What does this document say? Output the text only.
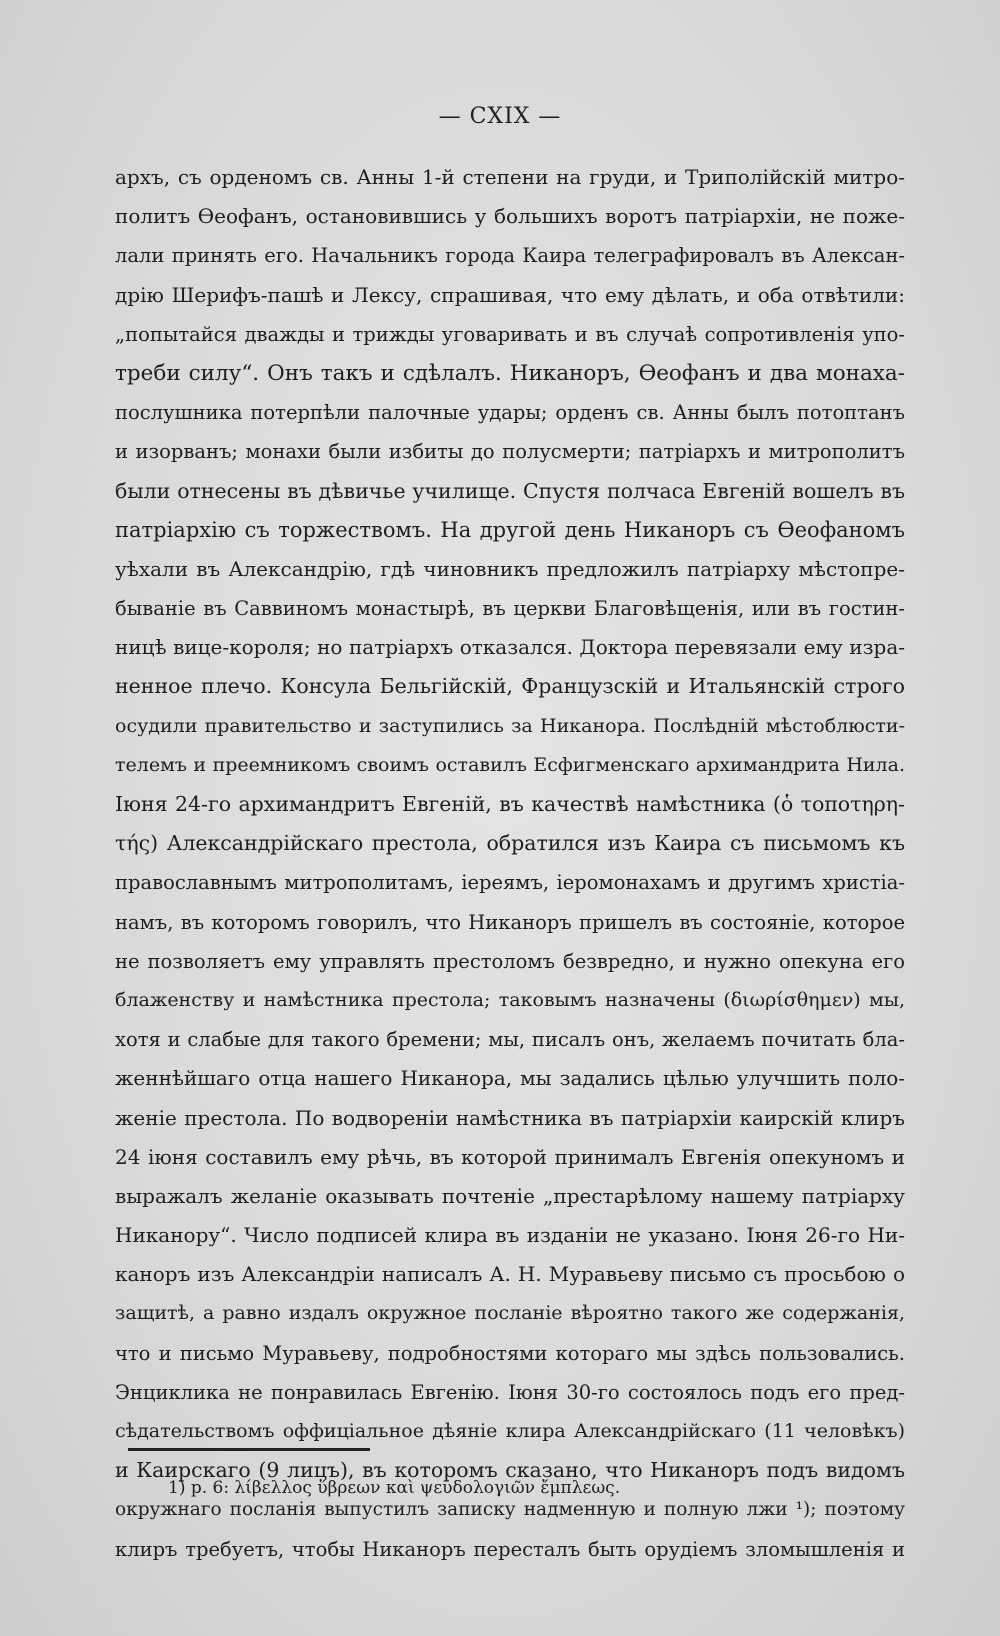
— CXIX —
архъ, съ орденомъ св. Анны 1-й степени на груди, и Триполійскій митро-
политъ Ѳеофанъ, остановившись у большихъ воротъ патріархіи, не поже-
лали принять его. Начальникъ города Каира телеграфировалъ въ Алексан-
дрію Шерифъ-пашѣ и Лексу, спрашивая, что ему дѣлать, и оба отвѣтили:
„попытайся дважды и трижды уговаривать и въ случаѣ сопротивленія упо-
треби силу“. Онъ такъ и сдѣлалъ. Никаноръ, Ѳеофанъ и два монаха-
послушника потерпѣли палочные удары; орденъ св. Анны былъ потоптанъ
и изорванъ; монахи были избиты до полусмерти; патріархъ и митрополитъ
были отнесены въ дѣвичье училище. Спустя полчаса Евгеній вошелъ въ
патріархію съ торжествомъ. На другой день Никаноръ съ Ѳеофаномъ
уѣхали въ Александрію, гдѣ чиновникъ предложилъ патріарху мѣстопре-
бываніе въ Саввиномъ монастырѣ, въ церкви Благовѣщенія, или въ гостин-
ницѣ вице-короля; но патріархъ отказался. Доктора перевязали ему изра-
ненное плечо. Консула Бельгійскій, Французскій и Итальянскій строго
осудили правительство и заступились за Никанора. Послѣдній мѣстоблюсти-
телемъ и преемникомъ своимъ оставилъ Есфигменскаго архимандрита Нила.
Іюня 24-го архимандритъ Евгеній, въ качествѣ намѣстника (ὁ τοποτηρη-
τής) Александрійскаго престола, обратился изъ Каира съ письмомъ къ
православнымъ митрополитамъ, іереямъ, іеромонахамъ и другимъ христіа-
намъ, въ которомъ говорилъ, что Никаноръ пришелъ въ состояніе, которое
не позволяетъ ему управлять престоломъ безвредно, и нужно опекуна его
блаженству и намѣстника престола; таковымъ назначены (διωρίσθημεν) мы,
хотя и слабые для такого бремени; мы, писалъ онъ, желаемъ почитать бла-
женнѣйшаго отца нашего Никанора, мы задались цѣлью улучшить поло-
женіе престола. По водвореніи намѣстника въ патріархіи каирскій клиръ
24 іюня составилъ ему рѣчь, въ которой принималъ Евгенія опекуномъ и
выражалъ желаніе оказывать почтеніе „престарѣлому нашему патріарху
Никанору“. Число подписей клира въ изданіи не указано. Іюня 26-го Ни-
каноръ изъ Александріи написалъ А. Н. Муравьеву письмо съ просьбою о
защитѣ, а равно издалъ окружное посланіе вѣроятно такого же содержанія,
что и письмо Муравьеву, подробностями котораго мы здѣсь пользовались.
Энциклика не понравилась Евгенію. Іюня 30-го состоялось подъ его пред-
сѣдательствомъ оффиціальное дѣяніе клира Александрійскаго (11 человѣкъ)
и Каирскаго (9 лицъ), въ которомъ сказано, что Никаноръ подъ видомъ
окружнаго посланія выпустилъ записку надменную и полную лжи ¹); поэтому
клиръ требуетъ, чтобы Никаноръ пересталъ быть орудіемъ зломышленія и
1) р. 6: λίβελλος ὕβρεων καὶ ψευδολογιῶν ἔμπλεως.
